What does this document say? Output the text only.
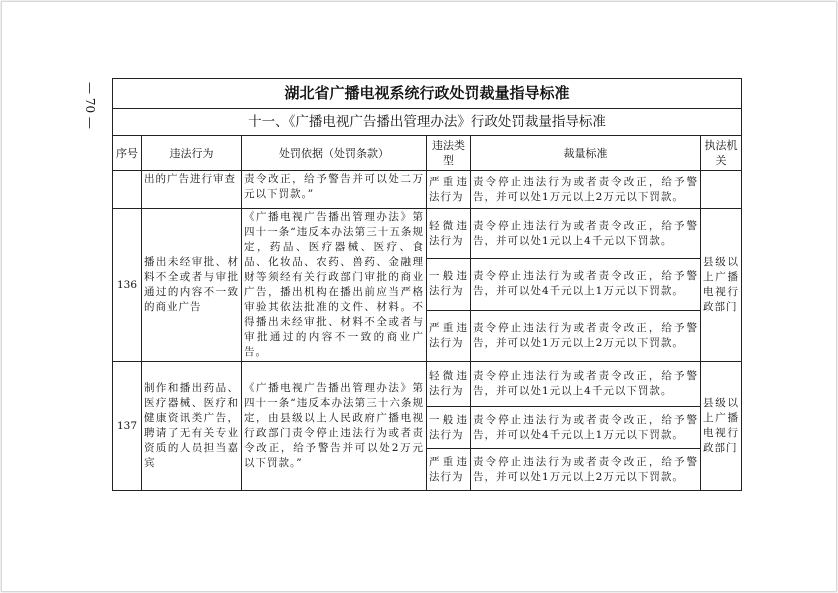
— 70 —	湖北省广播电视系统行政处罚裁量指导标准					
十一、《广播电视广告播出管理办法》行政处罚裁量指导标准					
序号	违法行为	处罚依据（处罚条款）	违法类型	裁量标准	执法机关
	出的广告进行审查	责令改正，给予警告并可以处二万元以下罚款。”	严重违法行为	责令停止违法行为或者责令改正，给予警告，并可以处1万元以上2万元以下罚款。	
136	播出未经审批、材料不全或者与审批通过的内容不一致的商业广告	《广播电视广告播出管理办法》第四十一条“违反本办法第三十五条规定，药品、医疗器械、医疗、食品、化妆品、农药、兽药、金融理财等须经有关行政部门审批的商业广告，播出机构在播出前应当严格审验其依法批准的文件、材料。不得播出未经审批、材料不全或者与审批通过的内容不一致的商业广告。	轻微违法行为	责令停止违法行为或者责令改正，给予警告，并可以处1元以上4千元以下罚款。	县级以上广播电视行政部门
			一般违法行为	责令停止违法行为或者责令改正，给予警告，并可以处4千元以上1万元以下罚款。	
			严重违法行为	责令停止违法行为或者责令改正，给予警告，并可以处1万元以上2万元以下罚款。	
137	制作和播出药品、医疗器械、医疗和健康资讯类广告，聘请了无有关专业资质的人员担当嘉宾	《广播电视广告播出管理办法》第四十一条“违反本办法第三十六条规定，由县级以上人民政府广播电视行政部门责令停止违法行为或者责令改正，给予警告并可以处2万元以下罚款。”	轻微违法行为	责令停止违法行为或者责令改正，给予警告，并可以处1元以上4千元以下罚款。	县级以上广播电视行政部门
			一般违法行为	责令停止违法行为或者责令改正，给予警告，并可以处4千元以上1万元以下罚款。	
			严重违法行为	责令停止违法行为或者责令改正，给予警告，并可以处1万元以上2万元以下罚款。	
